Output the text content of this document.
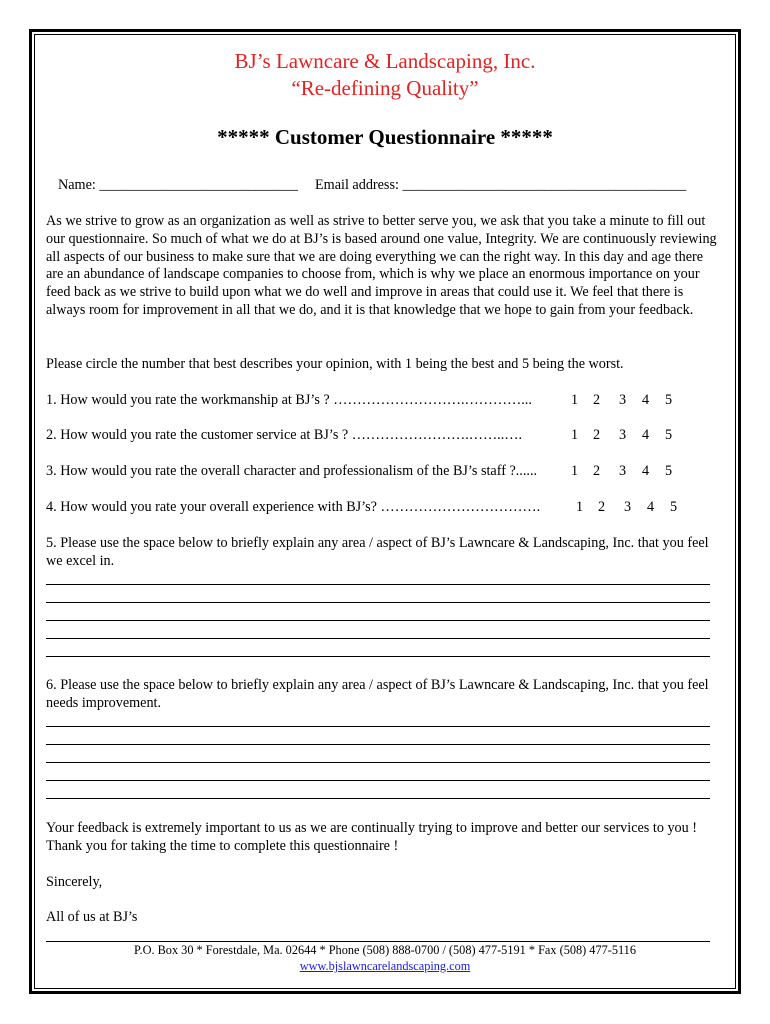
BJ’s Lawncare & Landscaping, Inc.
“Re-defining Quality”
***** Customer Questionnaire *****
Name: ____________________________ Email address: ________________________________________
As we strive to grow as an organization as well as strive to better serve you, we ask that you take a minute to fill out our questionnaire. So much of what we do at BJ’s is based around one value, Integrity. We are continuously reviewing all aspects of our business to make sure that we are doing everything we can the right way. In this day and age there are an abundance of landscape companies to choose from, which is why we place an enormous importance on your feed back as we strive to build upon what we do well and improve in areas that could use it. We feel that there is always room for improvement in all that we do, and it is that knowledge that we hope to gain from your feedback.
Please circle the number that best describes your opinion, with 1 being the best and 5 being the worst.
1. How would you rate the workmanship at BJ’s ? ……………………….…………...	1 2 3 4 5
2. How would you rate the customer service at BJ’s ? …………………….……..….	1 2 3 4 5
3. How would you rate the overall character and professionalism of the BJ’s staff ?...... 1 2 3 4 5
4. How would you rate your overall experience with BJ’s? …………………………….	1 2 3 4 5
5. Please use the space below to briefly explain any area / aspect of BJ’s Lawncare & Landscaping, Inc. that you feel we excel in.
6. Please use the space below to briefly explain any area / aspect of BJ’s Lawncare & Landscaping, Inc. that you feel needs improvement.
Your feedback is extremely important to us as we are continually trying to improve and better our services to you ! Thank you for taking the time to complete this questionnaire !
Sincerely,
All of us at BJ’s
P.O. Box 30 * Forestdale, Ma. 02644 * Phone (508) 888-0700 / (508) 477-5191 * Fax (508) 477-5116
www.bjslawncarelandscaping.com
